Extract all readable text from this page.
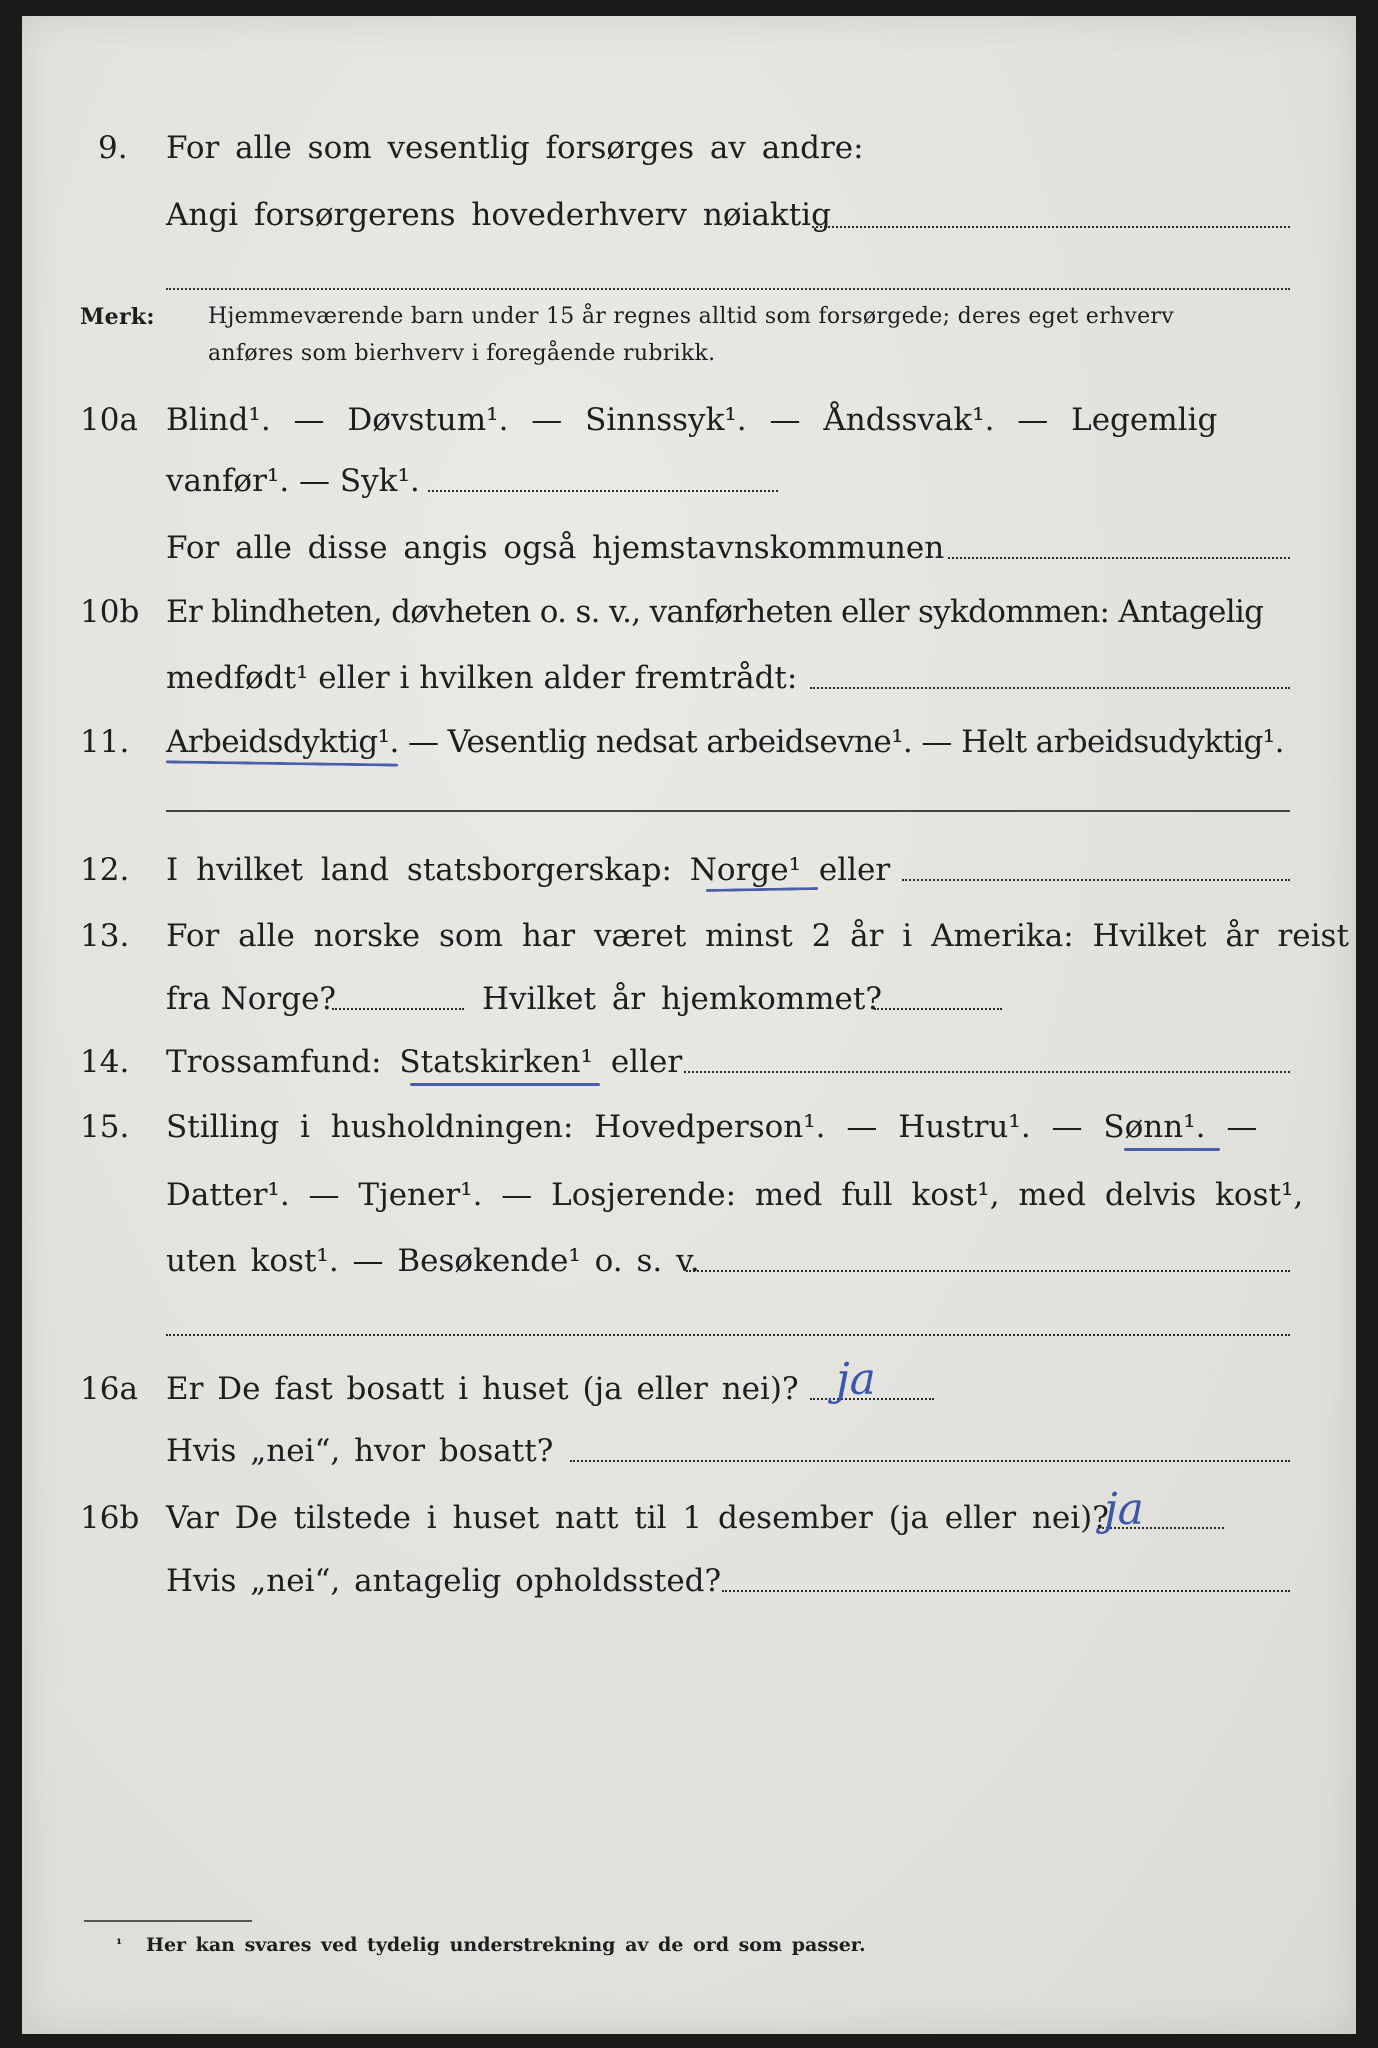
9. For alle som vesentlig forsørges av andre:
Angi forsørgerens hovederhverv nøiaktig
Merk: Hjemmeværende barn under 15 år regnes alltid som forsørgede; deres eget erhverv
anføres som bierhverv i foregående rubrikk.
10a Blind¹. — Døvstum¹. — Sinnssyk¹. — Åndssvak¹. — Legemlig
vanfør¹. — Syk¹.
For alle disse angis også hjemstavnskommunen
10b Er blindheten, døvheten o. s. v., vanførheten eller sykdommen: Antagelig
medfødt¹ eller i hvilken alder fremtrådt:
11. Arbeidsdyktig¹. — Vesentlig nedsat arbeidsevne¹. — Helt arbeidsudyktig¹.
12. I hvilket land statsborgerskap: Norge¹ eller
13. For alle norske som har været minst 2 år i Amerika: Hvilket år reist
fra Norge?	Hvilket år hjemkommet?
14. Trossamfund: Statskirken¹ eller
15. Stilling i husholdningen: Hovedperson¹. — Hustru¹. — Sønn¹. —
Datter¹. — Tjener¹. — Losjerende: med full kost¹, med delvis kost¹,
uten kost¹. — Besøkende¹ o. s. v.
16a Er De fast bosatt i huset (ja eller nei)? ja
Hvis „nei“, hvor bosatt?
16b Var De tilstede i huset natt til 1 desember (ja eller nei)?
ja
Hvis „nei“, antagelig opholdssted?
¹ Her kan svares ved tydelig understrekning av de ord som passer.
